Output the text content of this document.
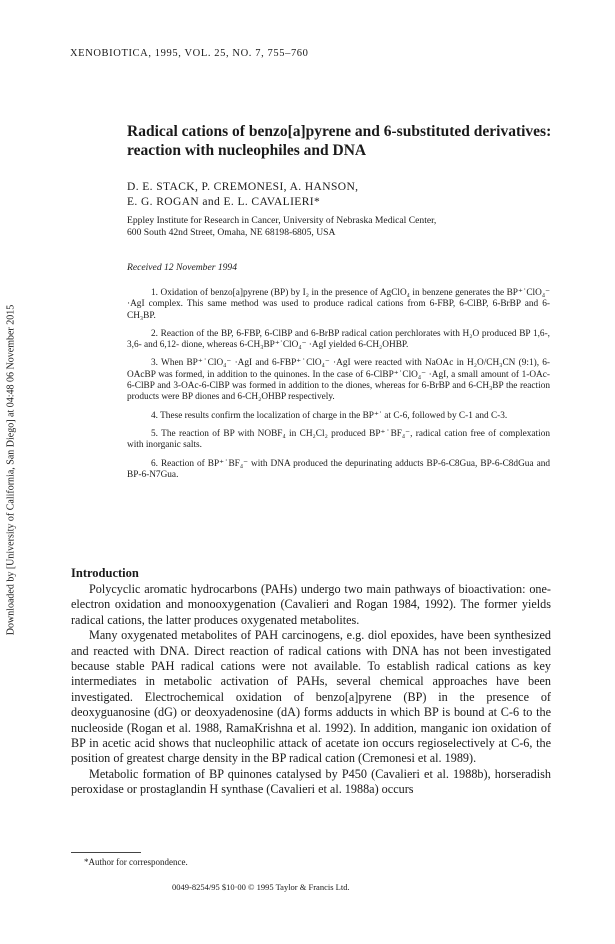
XENOBIOTICA, 1995, VOL. 25, NO. 7, 755–760
Downloaded by [University of California, San Diego] at 04:48 06 November 2015
Radical cations of benzo[a]pyrene and 6-substituted derivatives: reaction with nucleophiles and DNA
D. E. STACK, P. CREMONESI, A. HANSON,
E. G. ROGAN and E. L. CAVALIERI*
Eppley Institute for Research in Cancer, University of Nebraska Medical Center,
600 South 42nd Street, Omaha, NE 68198-6805, USA
Received 12 November 1994

1. Oxidation of benzo[a]pyrene (BP) by I₂ in the presence of AgClO₄ in benzene generates the BP⁺˙ClO₄⁻ ·AgI complex. This same method was used to produce radical cations from 6-FBP, 6-ClBP, 6-BrBP and 6-CH₃BP.

2. Reaction of the BP, 6-FBP, 6-ClBP and 6-BrBP radical cation perchlorates with H₂O produced BP 1,6-, 3,6- and 6,12- dione, whereas 6-CH₃BP⁺˙ClO₄⁻ ·AgI yielded 6-CH₂OHBP.

3. When BP⁺˙ClO₄⁻ ·AgI and 6-FBP⁺˙ClO₄⁻ ·AgI were reacted with NaOAc in H₂O/CH₃CN (9:1), 6-OAcBP was formed, in addition to the quinones. In the case of 6-ClBP⁺˙ClO₄⁻ ·AgI, a small amount of 1-OAc-6-ClBP and 3-OAc-6-ClBP was formed in addition to the diones, whereas for 6-BrBP and 6-CH₃BP the reaction products were BP diones and 6-CH₂OHBP respectively.

4. These results confirm the localization of charge in the BP⁺˙ at C-6, followed by C-1 and C-3.

5. The reaction of BP with NOBF₄ in CH₂Cl₂ produced BP⁺˙BF₄⁻, radical cation free of complexation with inorganic salts.

6. Reaction of BP⁺˙BF₄⁻ with DNA produced the depurinating adducts BP-6-C8Gua, BP-6-C8dGua and BP-6-N7Gua.

Introduction

Polycyclic aromatic hydrocarbons (PAHs) undergo two main pathways of bioactivation: one-electron oxidation and monooxygenation (Cavalieri and Rogan 1984, 1992). The former yields radical cations, the latter produces oxygenated metabolites.

Many oxygenated metabolites of PAH carcinogens, e.g. diol epoxides, have been synthesized and reacted with DNA. Direct reaction of radical cations with DNA has not been investigated because stable PAH radical cations were not available. To establish radical cations as key intermediates in metabolic activation of PAHs, several chemical approaches have been investigated. Electrochemical oxidation of benzo[a]pyrene (BP) in the presence of deoxyguanosine (dG) or deoxyadenosine (dA) forms adducts in which BP is bound at C-6 to the nucleoside (Rogan et al. 1988, RamaKrishna et al. 1992). In addition, manganic ion oxidation of BP in acetic acid shows that nucleophilic attack of acetate ion occurs regioselectively at C-6, the position of greatest charge density in the BP radical cation (Cremonesi et al. 1989).

Metabolic formation of BP quinones catalysed by P450 (Cavalieri et al. 1988b), horseradish peroxidase or prostaglandin H synthase (Cavalieri et al. 1988a) occurs

*Author for correspondence.
0049-8254/95 $10·00 © 1995 Taylor & Francis Ltd.
